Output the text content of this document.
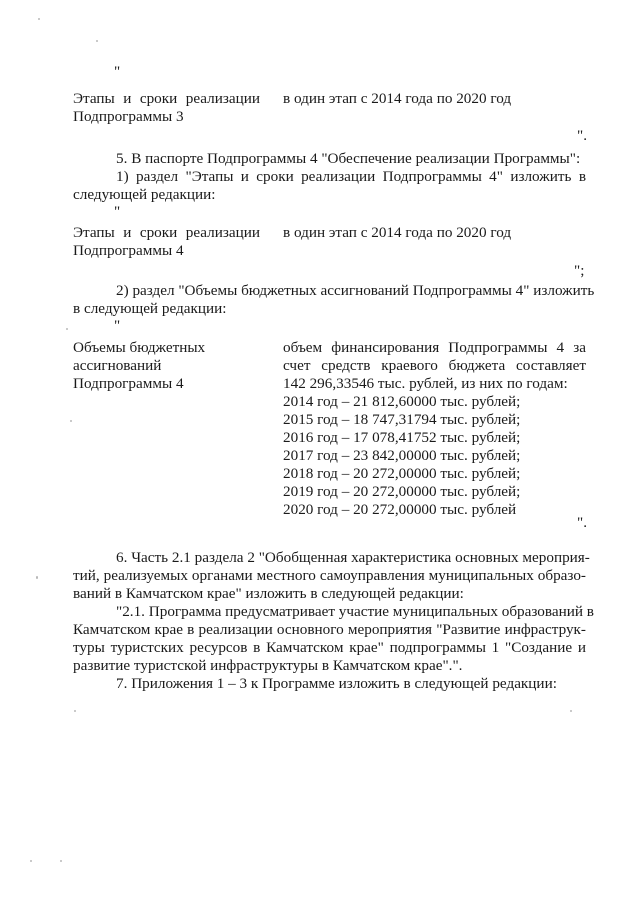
"
Этапы и сроки реализации
Подпрограммы 3
в один этап с 2014 года по 2020 год
".
5. В паспорте Подпрограммы 4 "Обеспечение реализации Программы":
1) раздел "Этапы и сроки реализации Подпрограммы 4" изложить в
следующей редакции:
"
Этапы и сроки реализации
Подпрограммы 4
в один этап с 2014 года по 2020 год
";
2) раздел "Объемы бюджетных ассигнований Подпрограммы 4" изложить
в следующей редакции:
"
Объемы бюджетных
ассигнований
Подпрограммы 4
объем финансирования Подпрограммы 4 за
счет средств краевого бюджета составляет
142 296,33546 тыс. рублей, из них по годам:
2014 год – 21 812,60000 тыс. рублей;
2015 год – 18 747,31794 тыс. рублей;
2016 год – 17 078,41752 тыс. рублей;
2017 год – 23 842,00000 тыс. рублей;
2018 год – 20 272,00000 тыс. рублей;
2019 год – 20 272,00000 тыс. рублей;
2020 год – 20 272,00000 тыс. рублей
".
6. Часть 2.1 раздела 2 "Обобщенная характеристика основных мероприя-
тий, реализуемых органами местного самоуправления муниципальных образо-
ваний в Камчатском крае" изложить в следующей редакции:
"2.1. Программа предусматривает участие муниципальных образований в
Камчатском крае в реализации основного мероприятия "Развитие инфраструк-
туры туристских ресурсов в Камчатском крае" подпрограммы 1 "Создание и
развитие туристской инфраструктуры в Камчатском крае".".
7. Приложения 1 – 3 к Программе изложить в следующей редакции:
